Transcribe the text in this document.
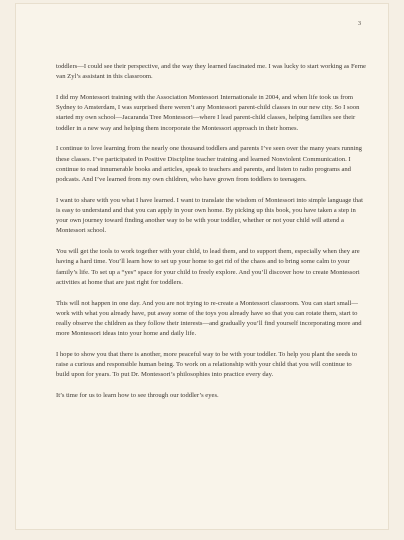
3

toddlers—I could see their perspective, and the way they learned fascinated me. I was lucky to start working as Ferne van Zyl’s assistant in this classroom.

I did my Montessori training with the Association Montessori Internationale in 2004, and when life took us from Sydney to Amsterdam, I was surprised there weren’t any Montessori parent-child classes in our new city. So I soon started my own school—Jacaranda Tree Montessori—where I lead parent-child classes, helping families see their toddler in a new way and helping them incorporate the Montessori approach in their homes.

I continue to love learning from the nearly one thousand toddlers and parents I’ve seen over the many years running these classes. I’ve participated in Positive Discipline teacher training and learned Nonviolent Communication. I continue to read innumerable books and articles, speak to teachers and parents, and listen to radio programs and podcasts. And I’ve learned from my own children, who have grown from toddlers to teenagers.

I want to share with you what I have learned. I want to translate the wisdom of Montessori into simple language that is easy to understand and that you can apply in your own home. By picking up this book, you have taken a step in your own journey toward finding another way to be with your toddler, whether or not your child will attend a Montessori school.

You will get the tools to work together with your child, to lead them, and to support them, especially when they are having a hard time. You’ll learn how to set up your home to get rid of the chaos and to bring some calm to your family’s life. To set up a “yes” space for your child to freely explore. And you’ll discover how to create Montessori activities at home that are just right for toddlers.

This will not happen in one day. And you are not trying to re-create a Montessori classroom. You can start small—work with what you already have, put away some of the toys you already have so that you can rotate them, start to really observe the children as they follow their interests—and gradually you’ll find yourself incorporating more and more Montessori ideas into your home and daily life.

I hope to show you that there is another, more peaceful way to be with your toddler. To help you plant the seeds to raise a curious and responsible human being. To work on a relationship with your child that you will continue to build upon for years. To put Dr. Montessori’s philosophies into practice every day.

It’s time for us to learn how to see through our toddler’s eyes.
